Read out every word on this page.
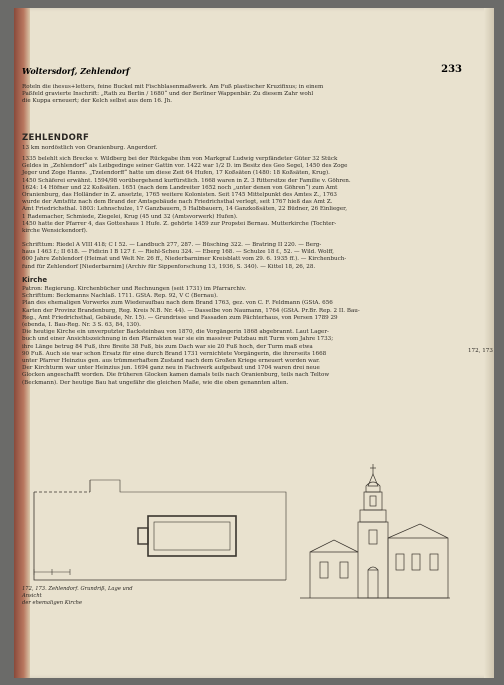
Woltersdorf, Zehlendorf	233

Roteln die ihesus+letters, feine Buckel mit Fischblasenmaßwerk. Am Fuß plastischer Kruzifixus; in einem

Paßfeld gravierte Inschrift: „Rath zu Berlin / 1680“ und der Berliner Wappenbär. Zu diesem Zahr wohl

die Kuppa erneuert; der Kelch selbst aus dem 16. Jh.

ZEHLENDORF

13 km nordöstlich von Oranienburg. Angerdorf.

1335 belehlt sich Brecke v. Wildberg bei der Rückgabe ihm von Markgraf Ludwig verpfändeter Güter 32 Stück

Geldes in „Zehlendorf“ als Leibgedinge seiner Gattin vor. 1422 war 1/2 D. im Besitz des Geo Segel, 1450 des Zoge

Jeger und Zoge Hanns. „Tzelendorff“ hatte um diese Zeit 64 Hufen, 17 Koßsäten (1480: 18 Koßsäten, Krug).

1450 Schäferei erwähnt. 1594/98 vorübergehend kurfürstlich. 1668 waren in Z. 3 Rittersitze der Familie v. Göhren.

1624: 14 Höfner und 22 Koßsäten. 1651 (nach dem Landreiter 1652 noch „unter denen von Göhren“) zum Amt

Oranienburg, das Holländer in Z. ansetzte, 1765 weitere Kolonisten. Seit 1745 Mittelpunkt des Amtes Z., 1763

wurde der Amtsfitz nach dem Brand der Amtsgebäude nach Friedrichsthal verlegt, seit 1767 hieß das Amt Z.

Amt Friedrichsthal. 1803: Lehnschulze, 17 Ganzbauern, 5 Halbbauern, 14 Ganzkoßsäten, 22 Büdner, 26 Einlieger,

1 Rademacher, Schmiede, Ziegelei, Krug (45 und 32 (Amtsvorwerk) Hufen).

1450 hatte der Pfarrer 4, das Gotteshaus 1 Hufe. Z. gehörte 1459 zur Propstei Bernau. Mutterkirche (Tochter-

kirche Wensickendorf).

Schrifttum: Riedel A VIII 418; C I 52. — Landbuch 277, 287. — Büsching 322. — Bratring II 220. — Berg-

haus I 463 f.; II 618. — Fidicin I B 127 f. — Riehl-Scheu 324. — Eberg 168. — Schulze 18 f., 52. — Wild. Wolff,

600 Jahre Zehlendorf (Heimat und Welt Nr. 26 ff., Niederbarnimer Kreisblatt vom 29. 6. 1935 ff.). — Kirchenbuch-

fund für Zehlendorf [Niederbarnim] (Archiv für Sippenforschung 13, 1936, S. 340). — Kittel 18, 26, 28.

Kirche

Patron: Regierung. Kirchenbücher und Rechnungen (seit 1731) im Pfarrarchiv.

Schrifttum: Beckmanns Nachlaß. 1711. GStA. Rep. 92, V C (Bernau).

Plan des ehemaligen Vorwerks zum Wiederaufbau nach dem Brand 1763, gez. von C. F. Feldmann (GStA. 656

Karten der Provinz Brandenburg, Reg. Kreis N.B. Nr. 44). — Dasselbe von Naumann, 1764 (GStA. Pr.Br. Rep. 2 II. Bau-

Reg., Amt Friedrichsthal, Gebäude, Nr. 15). — Grundrisse und Fassaden zum Pächterhaus, von Persen 1789 29

(ebenda, I. Bau-Reg. Nr. 3 S. 63, 84, 130).

Die heutige Kirche ein unverputzter Backsteinbau von 1870, die Vorgängerin 1868 abgebrannt. Laut Lager-

buch und einer Ansichtszeichnung in den Pfarrakten war sie ein massiver Putzbau mit Turm vom Jahre 1733;

ihre Länge betrug 84 Fuß, ihre Breite 38 Fuß, bis zum Dach war sie 20 Fuß hoch, der Turm maß etwa

90 Fuß. Auch sie war schon Ersatz für eine durch Brand 1731 vernichtete Vorgängerin, die ihrerseits 1668

unter Pfarrer Heinzius gen. aus trümmerhaftem Zustand nach dem Großen Kriege erneuert worden war.

Der Kirchturm war unter Heinzius jun. 1694 ganz neu in Fachwerk aufgebaut und 1704 waren drei neue

Glocken angeschafft worden. Die früheren Glocken kamen damals teils nach Oranienburg, teils nach Teltow

(Beckmann). Der heutige Bau hat ungefähr die gleichen Maße, wie die oben genannten alten.

172, 173
172, 173. Zehlendorf. Grundriß, Lage und Ansicht
der ehemaligen Kirche
